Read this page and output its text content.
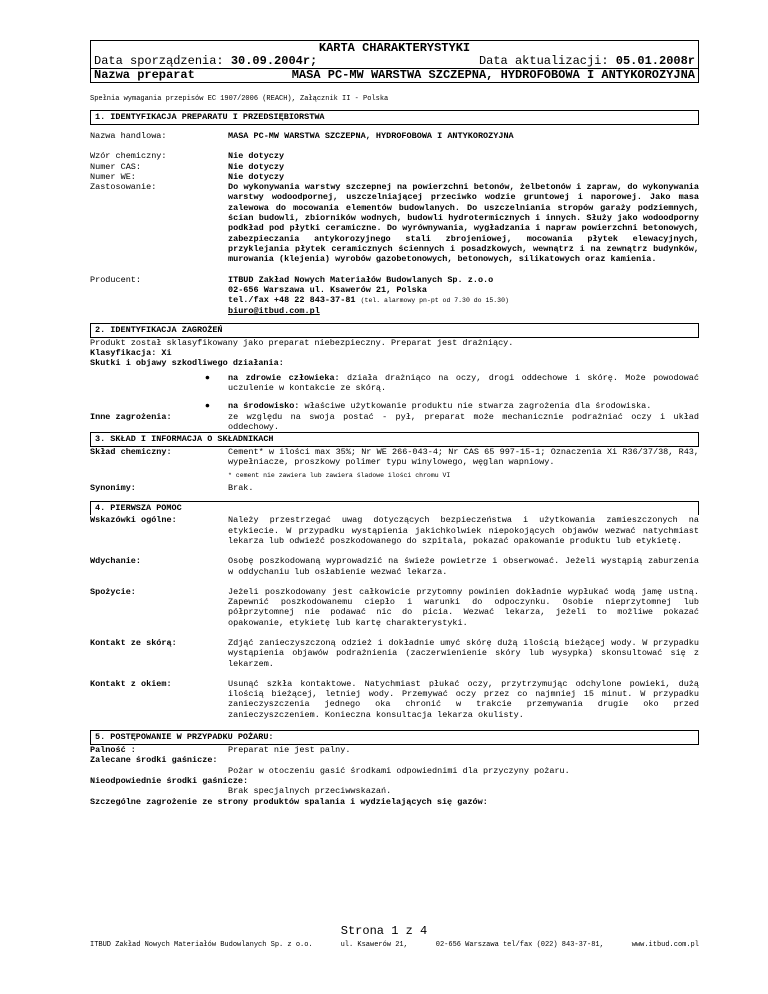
KARTA CHARAKTERYSTYKI
Data sporządzenia: 30.09.2004r;	Data aktualizacji: 05.01.2008r
Nazwa preparat	MASA PC-MW WARSTWA SZCZEPNA, HYDROFOBOWA I ANTYKOROZYJNA
Spełnia wymagania przepisów EC 1907/2006 (REACH), Załącznik II - Polska
1. IDENTYFIKACJA PREPARATU I PRZEDSIĘBIORSTWA
Nazwa handlowa:	MASA PC-MW WARSTWA SZCZEPNA, HYDROFOBOWA I ANTYKOROZYJNA
Wzór chemiczny:	Nie dotyczy
Numer CAS:	Nie dotyczy
Numer WE:	Nie dotyczy
Zastosowanie:	Do wykonywania warstwy szczepnej na powierzchni betonów, żelbetonów i zapraw, do wykonywania warstwy wodoodpornej, uszczelniającej przeciwko wodzie gruntowej i naporowej. Jako masa zalewowa do mocowania elementów budowlanych. Do uszczelniania stropów garaży podziemnych, ścian budowli, zbiorników wodnych, budowli hydrotermicznych i innych. Służy jako wodoodporny podkład pod płytki ceramiczne. Do wyrównywania, wygładzania i napraw powierzchni betonowych, zabezpieczania antykorozyjnego stali zbrojeniowej, mocowania płytek elewacyjnych, przyklejania płytek ceramicznych ściennych i posadzkowych, wewnątrz i na zewnątrz budynków, murowania (klejenia) wyrobów gazobetonowych, betonowych, silikatowych oraz kamienia.
Producent:	ITBUD Zakład Nowych Materiałów Budowlanych Sp. z.o.o
02-656 Warszawa ul. Ksawerów 21, Polska
tel./fax +48 22 843-37-81 (tel. alarmowy pn-pt od 7.30 do 15.30)
biuro@itbud.com.pl
2. IDENTYFIKACJA ZAGROŻEŃ
Produkt został sklasyfikowany jako preparat niebezpieczny. Preparat jest drażniący.
Klasyfikacja:
Xi
Skutki i objawy szkodliwego działania:
●	na zdrowie człowieka: działa drażniąco na oczy, drogi oddechowe i skórę. Może powodować uczulenie w kontakcie ze skórą.
●	na środowisko: właściwe użytkowanie produktu nie stwarza zagrożenia dla środowiska.
Inne zagrożenia:	ze względu na swoja postać - pył, preparat może mechanicznie podrażniać oczy i układ oddechowy.
3. SKŁAD I INFORMACJA O SKŁADNIKACH
Skład chemiczny:	Cement* w ilości max 35%; Nr WE 266-043-4; Nr CAS 65 997-15-1; Oznaczenia Xi R36/37/38, R43, wypełniacze, proszkowy polimer typu winylowego, węglan wapniowy.
* cement nie zawiera lub zawiera śladowe ilości chromu VI
Synonimy:	Brak.
4. PIERWSZA POMOC
Wskazówki ogólne:	Należy przestrzegać uwag dotyczących bezpieczeństwa i użytkowania zamieszczonych na etykiecie. W przypadku wystąpienia jakichkolwiek niepokojących objawów wezwać natychmiast lekarza lub odwieźć poszkodowanego do szpitala, pokazać opakowanie produktu lub etykietę.
Wdychanie:	Osobę poszkodowaną wyprowadzić na świeże powietrze i obserwować. Jeżeli wystąpią zaburzenia w oddychaniu lub osłabienie wezwać lekarza.
Spożycie:	Jeżeli poszkodowany jest całkowicie przytomny powinien dokładnie wypłukać wodą jamę ustną. Zapewnić poszkodowanemu ciepło i warunki do odpoczynku. Osobie nieprzytomnej lub półprzytomnej nie podawać nic do picia. Wezwać lekarza, jeżeli to możliwe pokazać opakowanie, etykietę lub kartę charakterystyki.
Kontakt ze skórą:	Zdjąć zanieczyszczoną odzież i dokładnie umyć skórę dużą ilością bieżącej wody. W przypadku wystąpienia objawów podrażnienia (zaczerwienienie skóry lub wysypka) skonsultować się z lekarzem.
Kontakt z okiem:	Usunąć szkła kontaktowe. Natychmiast płukać oczy, przytrzymując odchylone powieki, dużą ilością bieżącej, letniej wody. Przemywać oczy przez co najmniej 15 minut. W przypadku zanieczyszczenia jednego oka chronić w trakcie przemywania drugie oko przed zanieczyszczeniem. Konieczna konsultacja lekarza okulisty.
5. POSTĘPOWANIE W PRZYPADKU POŻARU:
Palność :	Preparat nie jest palny.
Zalecane środki gaśnicze:
Pożar w otoczeniu gasić środkami odpowiednimi dla przyczyny pożaru.
Nieodpowiednie środki gaśnicze:
Brak specjalnych przeciwwskazań.
Szczególne zagrożenie ze strony produktów spalania i wydzielających się gazów:
Strona 1 z 4
ITBUD Zakład Nowych Materiałów Budowlanych Sp. z o.o.	ul. Ksawerów 21,	02-656 Warszawa tel/fax (022) 843-37-81,	www.itbud.com.pl
